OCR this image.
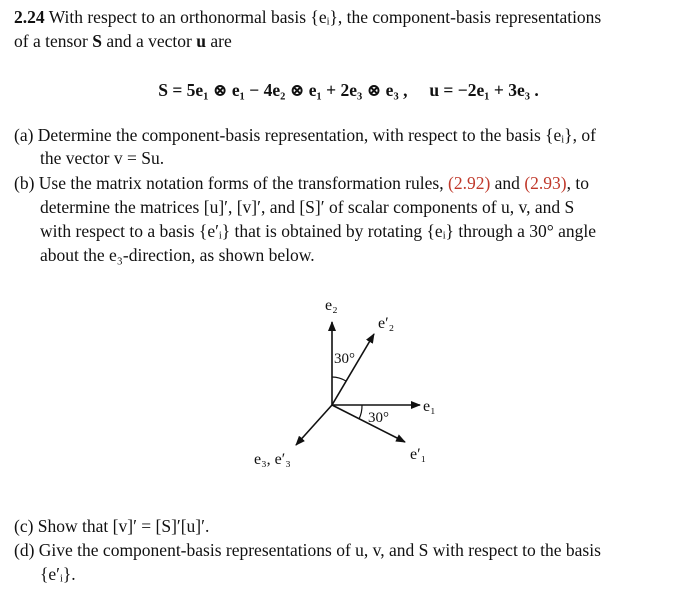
2.24 With respect to an orthonormal basis {eᵢ}, the component-basis representations
of a tensor S and a vector u are
S = 5e₁ ⊗ e₁ − 4e₂ ⊗ e₁ + 2e₃ ⊗ e₃ , u = −2e₁ + 3e₃ .
(a) Determine the component-basis representation, with respect to the basis {eᵢ}, of
the vector v = Su.
(b) Use the matrix notation forms of the transformation rules, (2.92) and (2.93), to
determine the matrices [u]′, [v]′, and [S]′ of scalar components of u, v, and S
with respect to a basis {e′ᵢ} that is obtained by rotating {eᵢ} through a 30° angle
about the e₃-direction, as shown below.
e₂
e′₂
30°
30°
e₁
e′₁
e₃, e′₃
(c) Show that [v]′ = [S]′[u]′.
(d) Give the component-basis representations of u, v, and S with respect to the basis
{e′ᵢ}.
